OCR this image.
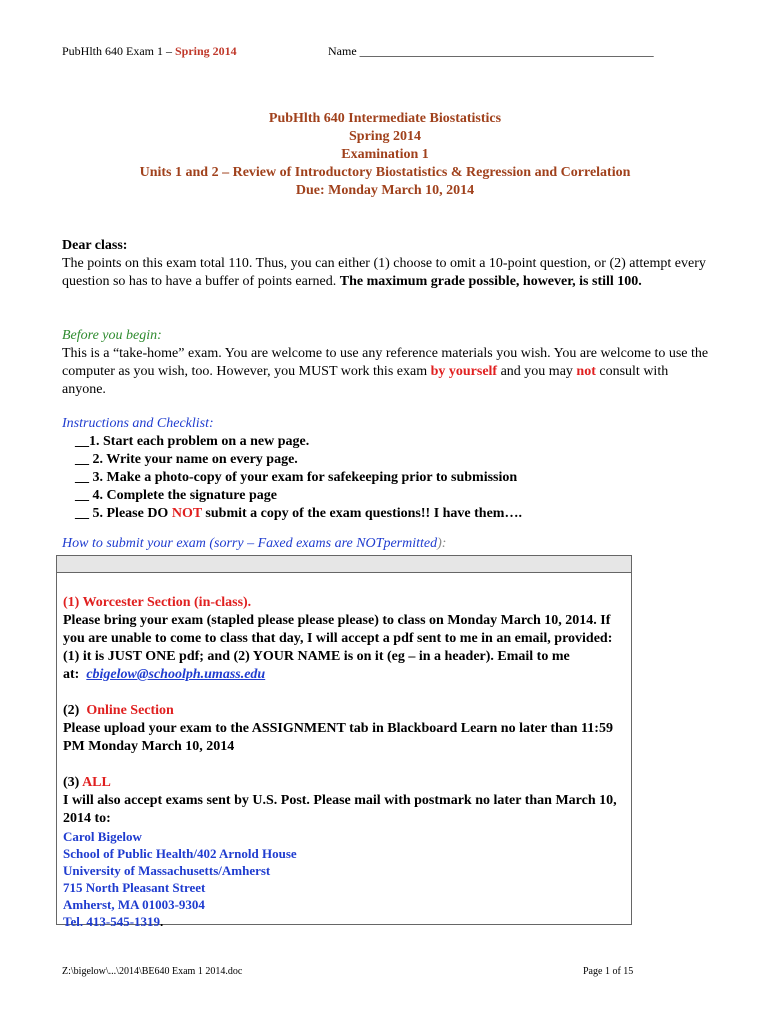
PubHlth 640 Exam 1 – Spring 2014	Name _________________________________________________
PubHlth 640 Intermediate Biostatistics
Spring 2014
Examination 1
Units 1 and 2 – Review of Introductory Biostatistics & Regression and Correlation
Due: Monday March 10, 2014
Dear class:
The points on this exam total 110. Thus, you can either (1) choose to omit a 10-point question, or (2) attempt every question so has to have a buffer of points earned. The maximum grade possible, however, is still 100.
Before you begin:
This is a “take-home” exam. You are welcome to use any reference materials you wish. You are welcome to use the computer as you wish, too. However, you MUST work this exam by yourself and you may not consult with anyone.
Instructions and Checklist:
__1. Start each problem on a new page.
__ 2. Write your name on every page.
__ 3. Make a photo-copy of your exam for safekeeping prior to submission
__ 4. Complete the signature page
__ 5. Please DO NOT submit a copy of the exam questions!! I have them….
How to submit your exam (sorry – Faxed exams are NOTpermitted):
(1) Worcester Section (in-class).
Please bring your exam (stapled please please please) to class on Monday March 10, 2014. If you are unable to come to class that day, I will accept a pdf sent to me in an email, provided: (1) it is JUST ONE pdf; and (2) YOUR NAME is on it (eg – in a header). Email to me at: cbigelow@schoolph.umass.edu
(2) Online Section
Please upload your exam to the ASSIGNMENT tab in Blackboard Learn no later than 11:59 PM Monday March 10, 2014
(3) ALL
I will also accept exams sent by U.S. Post. Please mail with postmark no later than March 10, 2014 to:
Carol Bigelow
School of Public Health/402 Arnold House
University of Massachusetts/Amherst
715 North Pleasant Street
Amherst, MA 01003-9304
Tel. 413-545-1319.
Z:\bigelow\...\2014\BE640 Exam 1 2014.doc	Page 1 of 15
